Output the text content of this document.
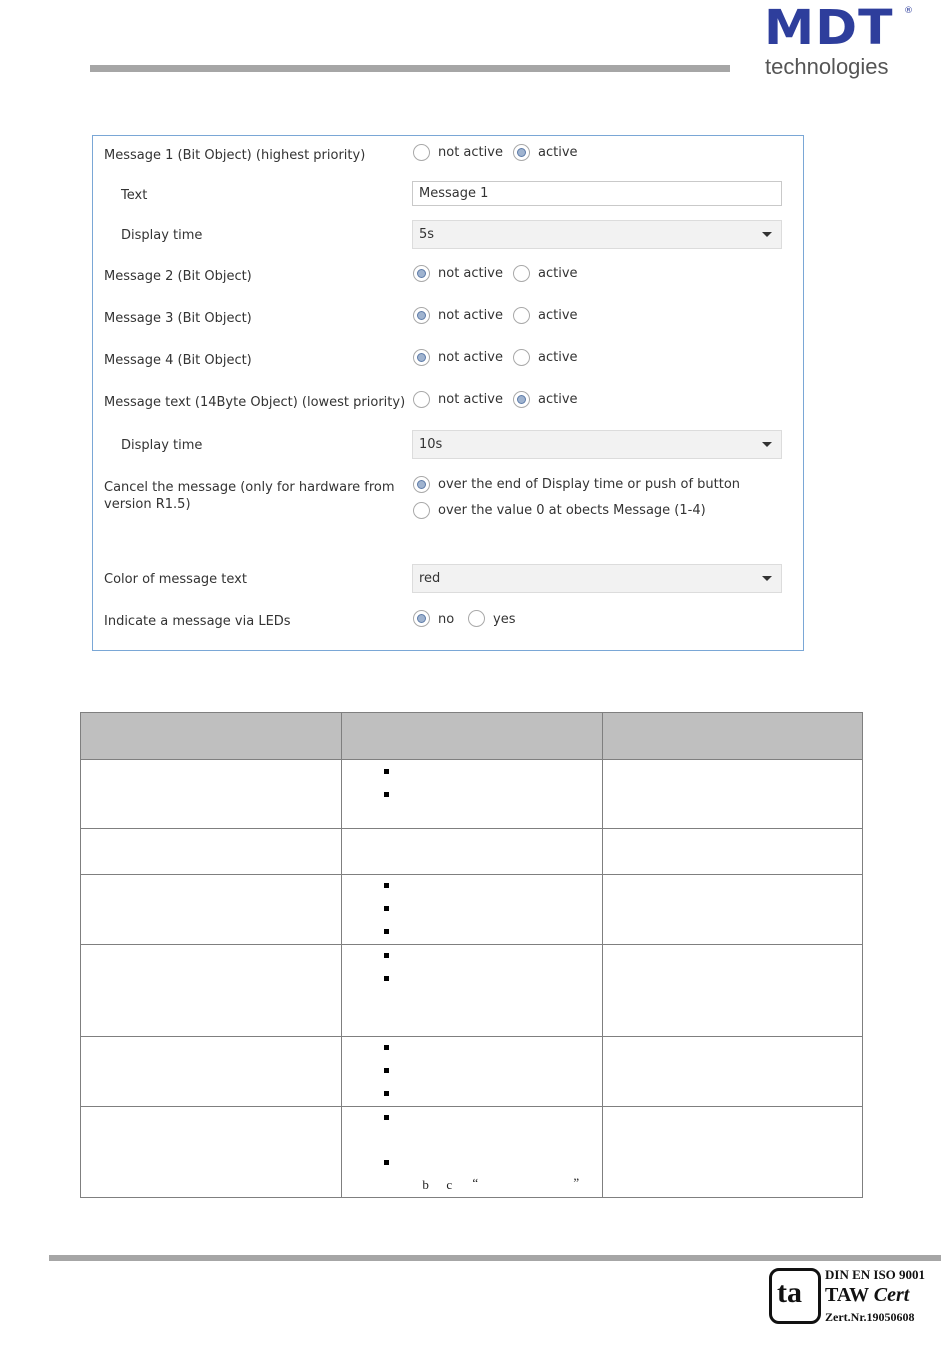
MDT ®
technologies
Message 1 (Bit Object) (highest priority)	not active	active
Text	Message 1
Display time	5s
Message 2 (Bit Object)	not active	active
Message 3 (Bit Object)	not active	active
Message 4 (Bit Object)	not active	active
Message text (14Byte Object) (lowest priority)	not active	active
Display time	10s
Cancel the message (only for hardware from
version R1.5)
over the end of Display time or push of button
over the value 0 at obects Message (1-4)
Color of message text	red
Indicate a message via LEDs	no	yes

	b c “ ”	

ta
DIN EN ISO 9001
TAW Cert
Zert.Nr.19050608
